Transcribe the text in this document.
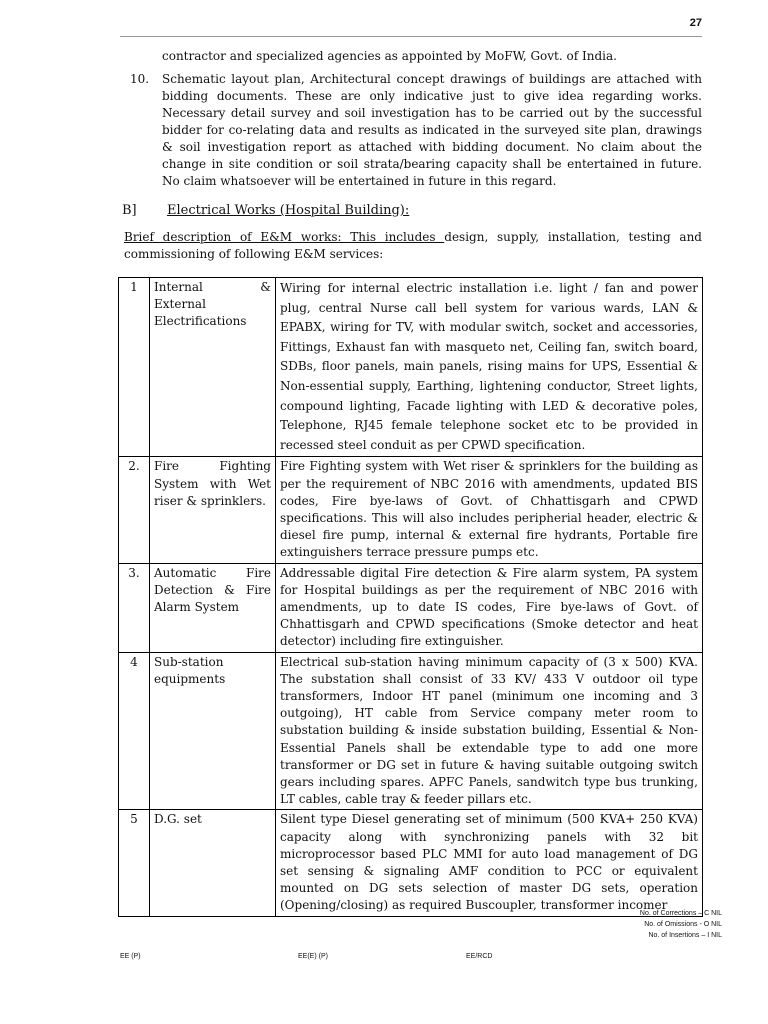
27

contractor and specialized agencies as appointed by MoFW, Govt. of India.

10.	Schematic layout plan, Architectural concept drawings of buildings are attached with bidding documents. These are only indicative just to give idea regarding works. Necessary detail survey and soil investigation has to be carried out by the successful bidder for co-relating data and results as indicated in the surveyed site plan, drawings & soil investigation report as attached with bidding document. No claim about the change in site condition or soil strata/bearing capacity shall be entertained in future. No claim whatsoever will be entertained in future in this regard.
B]	Electrical Works (Hospital Building):

Brief description of E&M works: This includes design, supply, installation, testing and commissioning of following E&M services:

1	Internal & External Electrifications	Wiring for internal electric installation i.e. light / fan and power plug, central Nurse call bell system for various wards, LAN & EPABX, wiring for TV, with modular switch, socket and accessories, Fittings, Exhaust fan with masqueto net, Ceiling fan, switch board, SDBs, floor panels, main panels, rising mains for UPS, Essential & Non-essential supply, Earthing, lightening conductor, Street lights, compound lighting, Facade lighting with LED & decorative poles, Telephone, RJ45 female telephone socket etc to be provided in recessed steel conduit as per CPWD specification.
2.	Fire Fighting System with Wet riser & sprinklers.	Fire Fighting system with Wet riser & sprinklers for the building as per the requirement of NBC 2016 with amendments, updated BIS codes, Fire bye-laws of Govt. of Chhattisgarh and CPWD specifications. This will also includes peripherial header, electric & diesel fire pump, internal & external fire hydrants, Portable fire extinguishers terrace pressure pumps etc.
3.	Automatic Fire Detection & Fire Alarm System	Addressable digital Fire detection & Fire alarm system, PA system for Hospital buildings as per the requirement of NBC 2016 with amendments, up to date IS codes, Fire bye-laws of Govt. of Chhattisgarh and CPWD specifications (Smoke detector and heat detector) including fire extinguisher.
4	Sub-station equipments	Electrical sub-station having minimum capacity of (3 x 500) KVA. The substation shall consist of 33 KV/ 433 V outdoor oil type transformers, Indoor HT panel (minimum one incoming and 3 outgoing), HT cable from Service company meter room to substation building & inside substation building, Essential & Non-Essential Panels shall be extendable type to add one more transformer or DG set in future & having suitable outgoing switch gears including spares. APFC Panels, sandwitch type bus trunking, LT cables, cable tray & feeder pillars etc.
5	D.G. set	Silent type Diesel generating set of minimum (500 KVA+ 250 KVA) capacity along with synchronizing panels with 32 bit microprocessor based PLC MMI for auto load management of DG set sensing & signaling AMF condition to PCC or equivalent mounted on DG sets selection of master DG sets, operation (Opening/closing) as required Buscoupler, transformer incomer
No. of Corrections – C NIL
No. of Omissions - O NIL
No. of Insertions – I NIL
EE (P)	EE(E) (P)	EE/RCD
